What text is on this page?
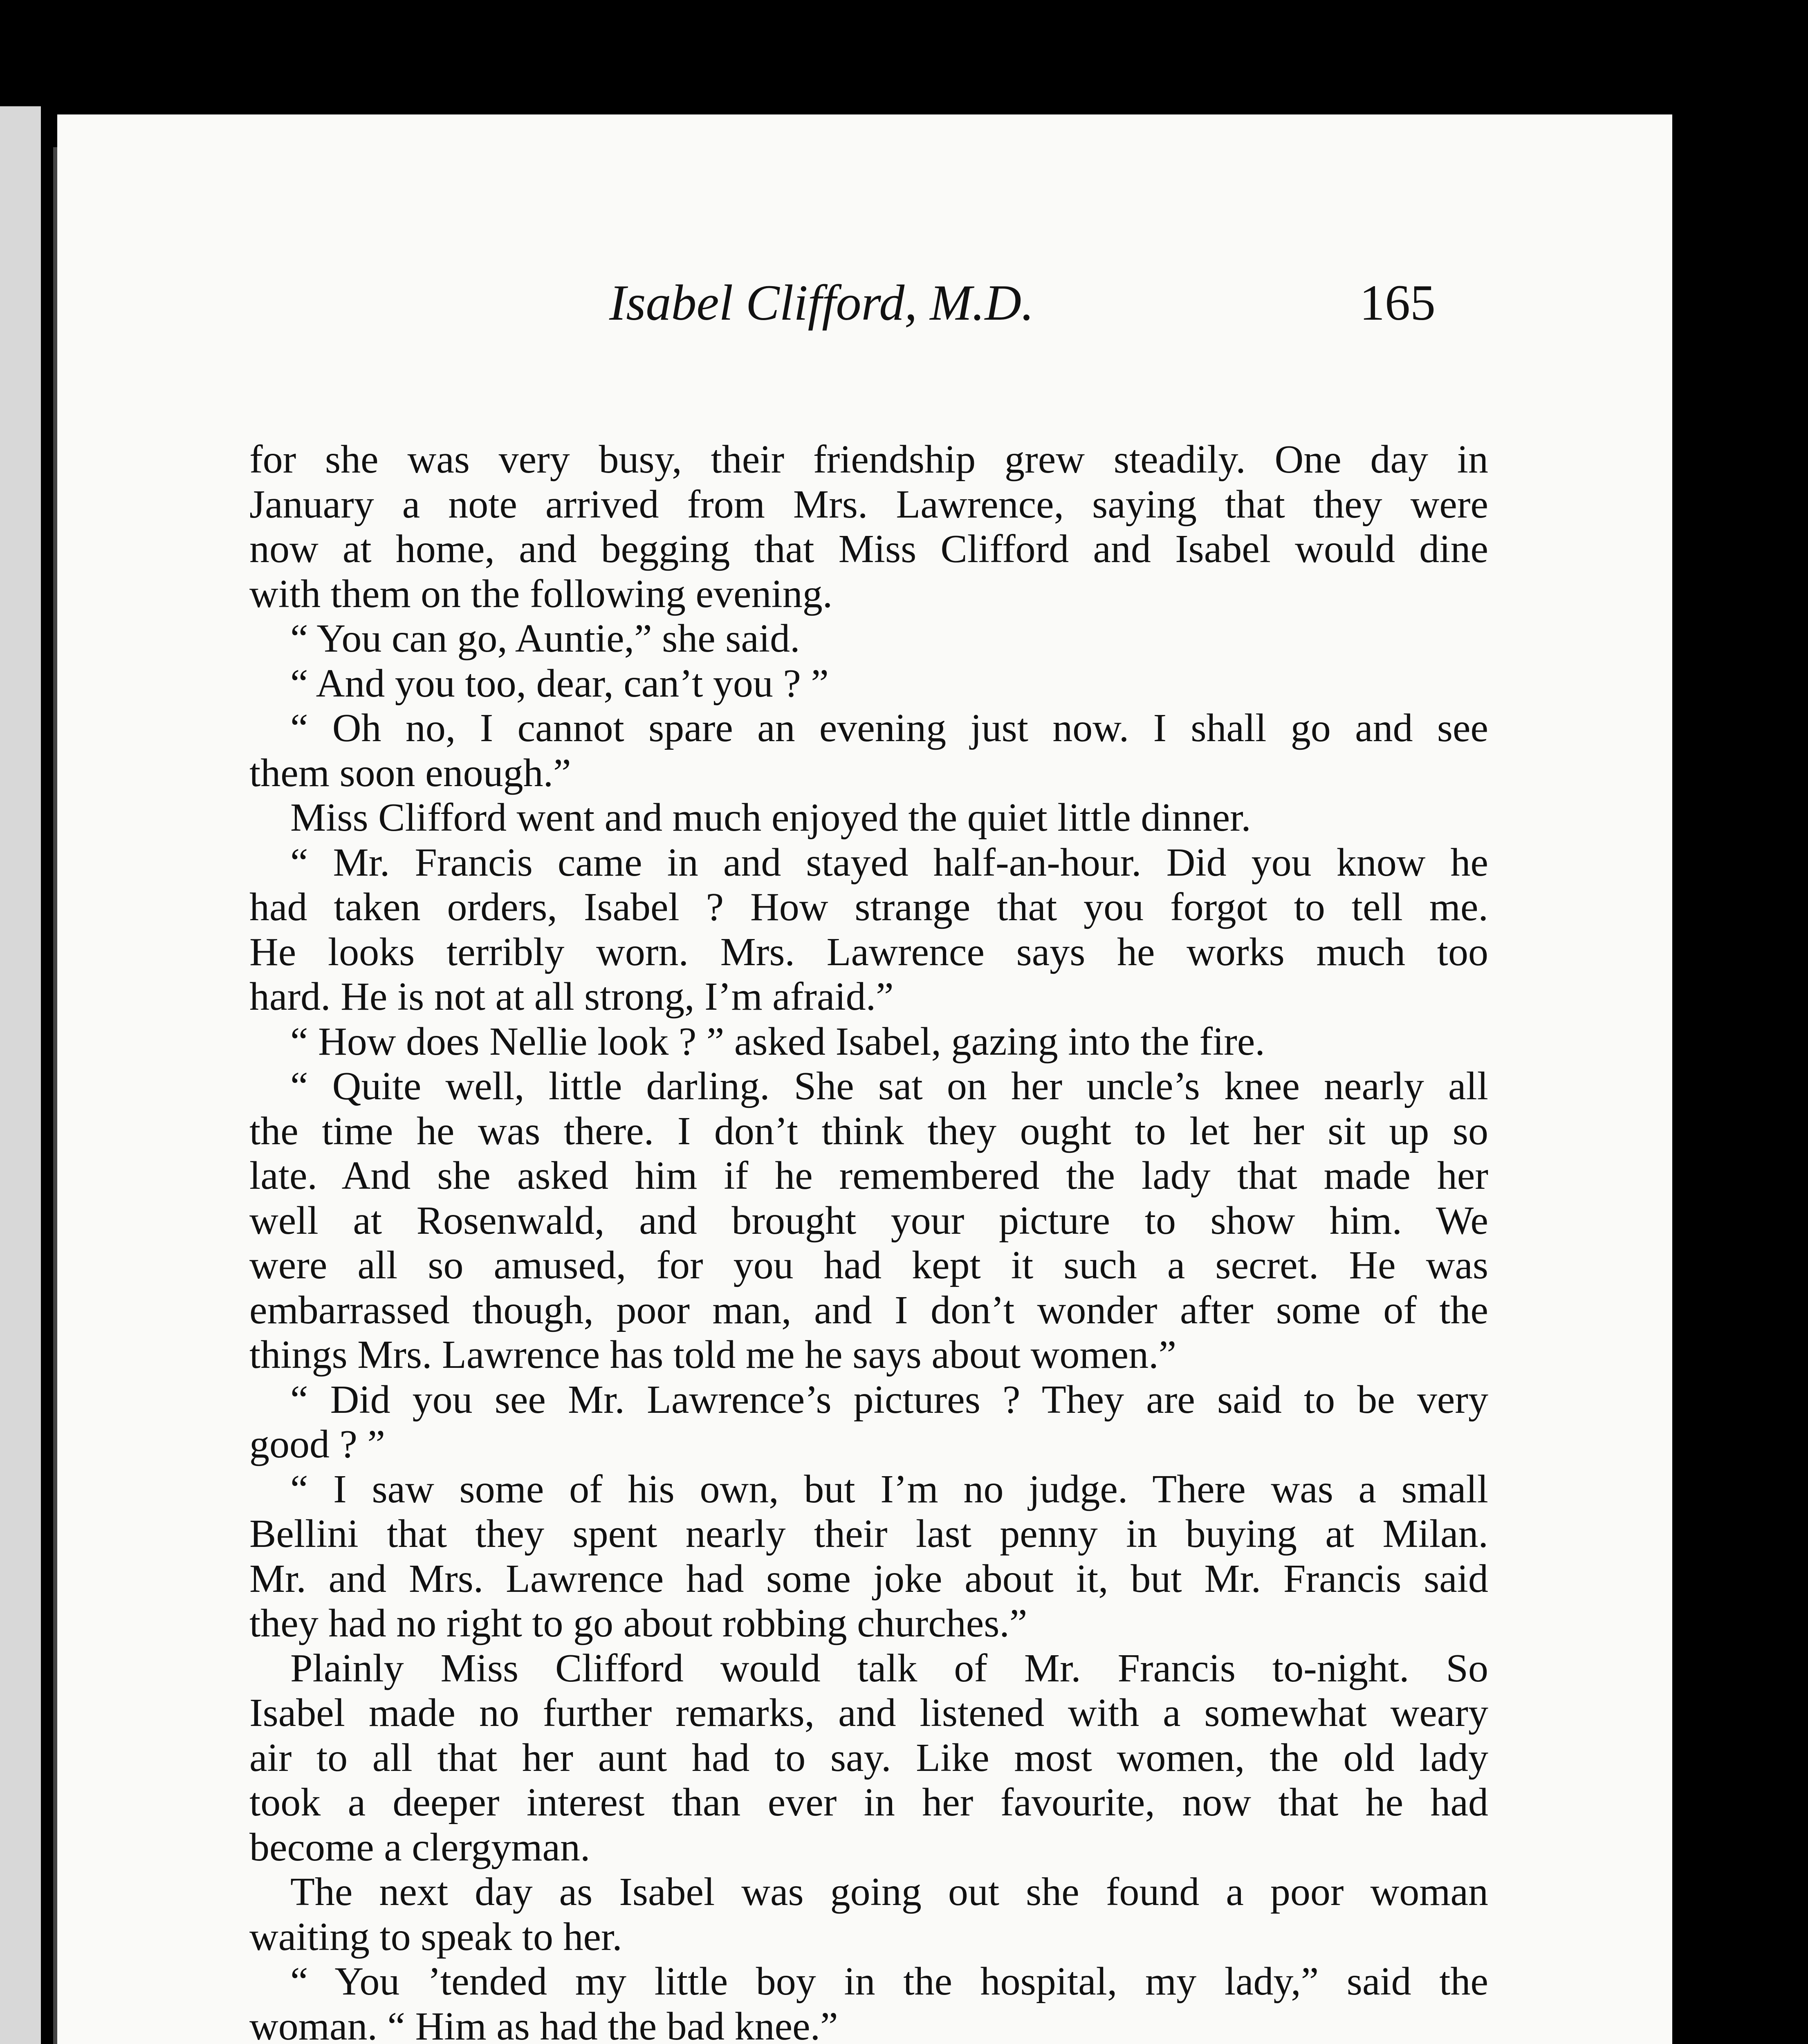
Isabel Clifford, M.D.	165
for she was very busy, their friendship grew steadily. One day in
January a note arrived from Mrs. Lawrence, saying that they were
now at home, and begging that Miss Clifford and Isabel would dine
with them on the following evening.
“ You can go, Auntie,” she said.
“ And you too, dear, can’t you ? ”
“ Oh no, I cannot spare an evening just now. I shall go and see
them soon enough.”
Miss Clifford went and much enjoyed the quiet little dinner.
“ Mr. Francis came in and stayed half-an-hour. Did you know he
had taken orders, Isabel ? How strange that you forgot to tell me.
He looks terribly worn. Mrs. Lawrence says he works much too
hard. He is not at all strong, I’m afraid.”
“ How does Nellie look ? ” asked Isabel, gazing into the fire.
“ Quite well, little darling. She sat on her uncle’s knee nearly all
the time he was there. I don’t think they ought to let her sit up so
late. And she asked him if he remembered the lady that made her
well at Rosenwald, and brought your picture to show him. We
were all so amused, for you had kept it such a secret. He was
embarrassed though, poor man, and I don’t wonder after some of the
things Mrs. Lawrence has told me he says about women.”
“ Did you see Mr. Lawrence’s pictures ? They are said to be very
good ? ”
“ I saw some of his own, but I’m no judge. There was a small
Bellini that they spent nearly their last penny in buying at Milan.
Mr. and Mrs. Lawrence had some joke about it, but Mr. Francis said
they had no right to go about robbing churches.”
Plainly Miss Clifford would talk of Mr. Francis to-night. So
Isabel made no further remarks, and listened with a somewhat weary
air to all that her aunt had to say. Like most women, the old lady
took a deeper interest than ever in her favourite, now that he had
become a clergyman.
The next day as Isabel was going out she found a poor woman
waiting to speak to her.
“ You ’tended my little boy in the hospital, my lady,” said the
woman. “ Him as had the bad knee.”
